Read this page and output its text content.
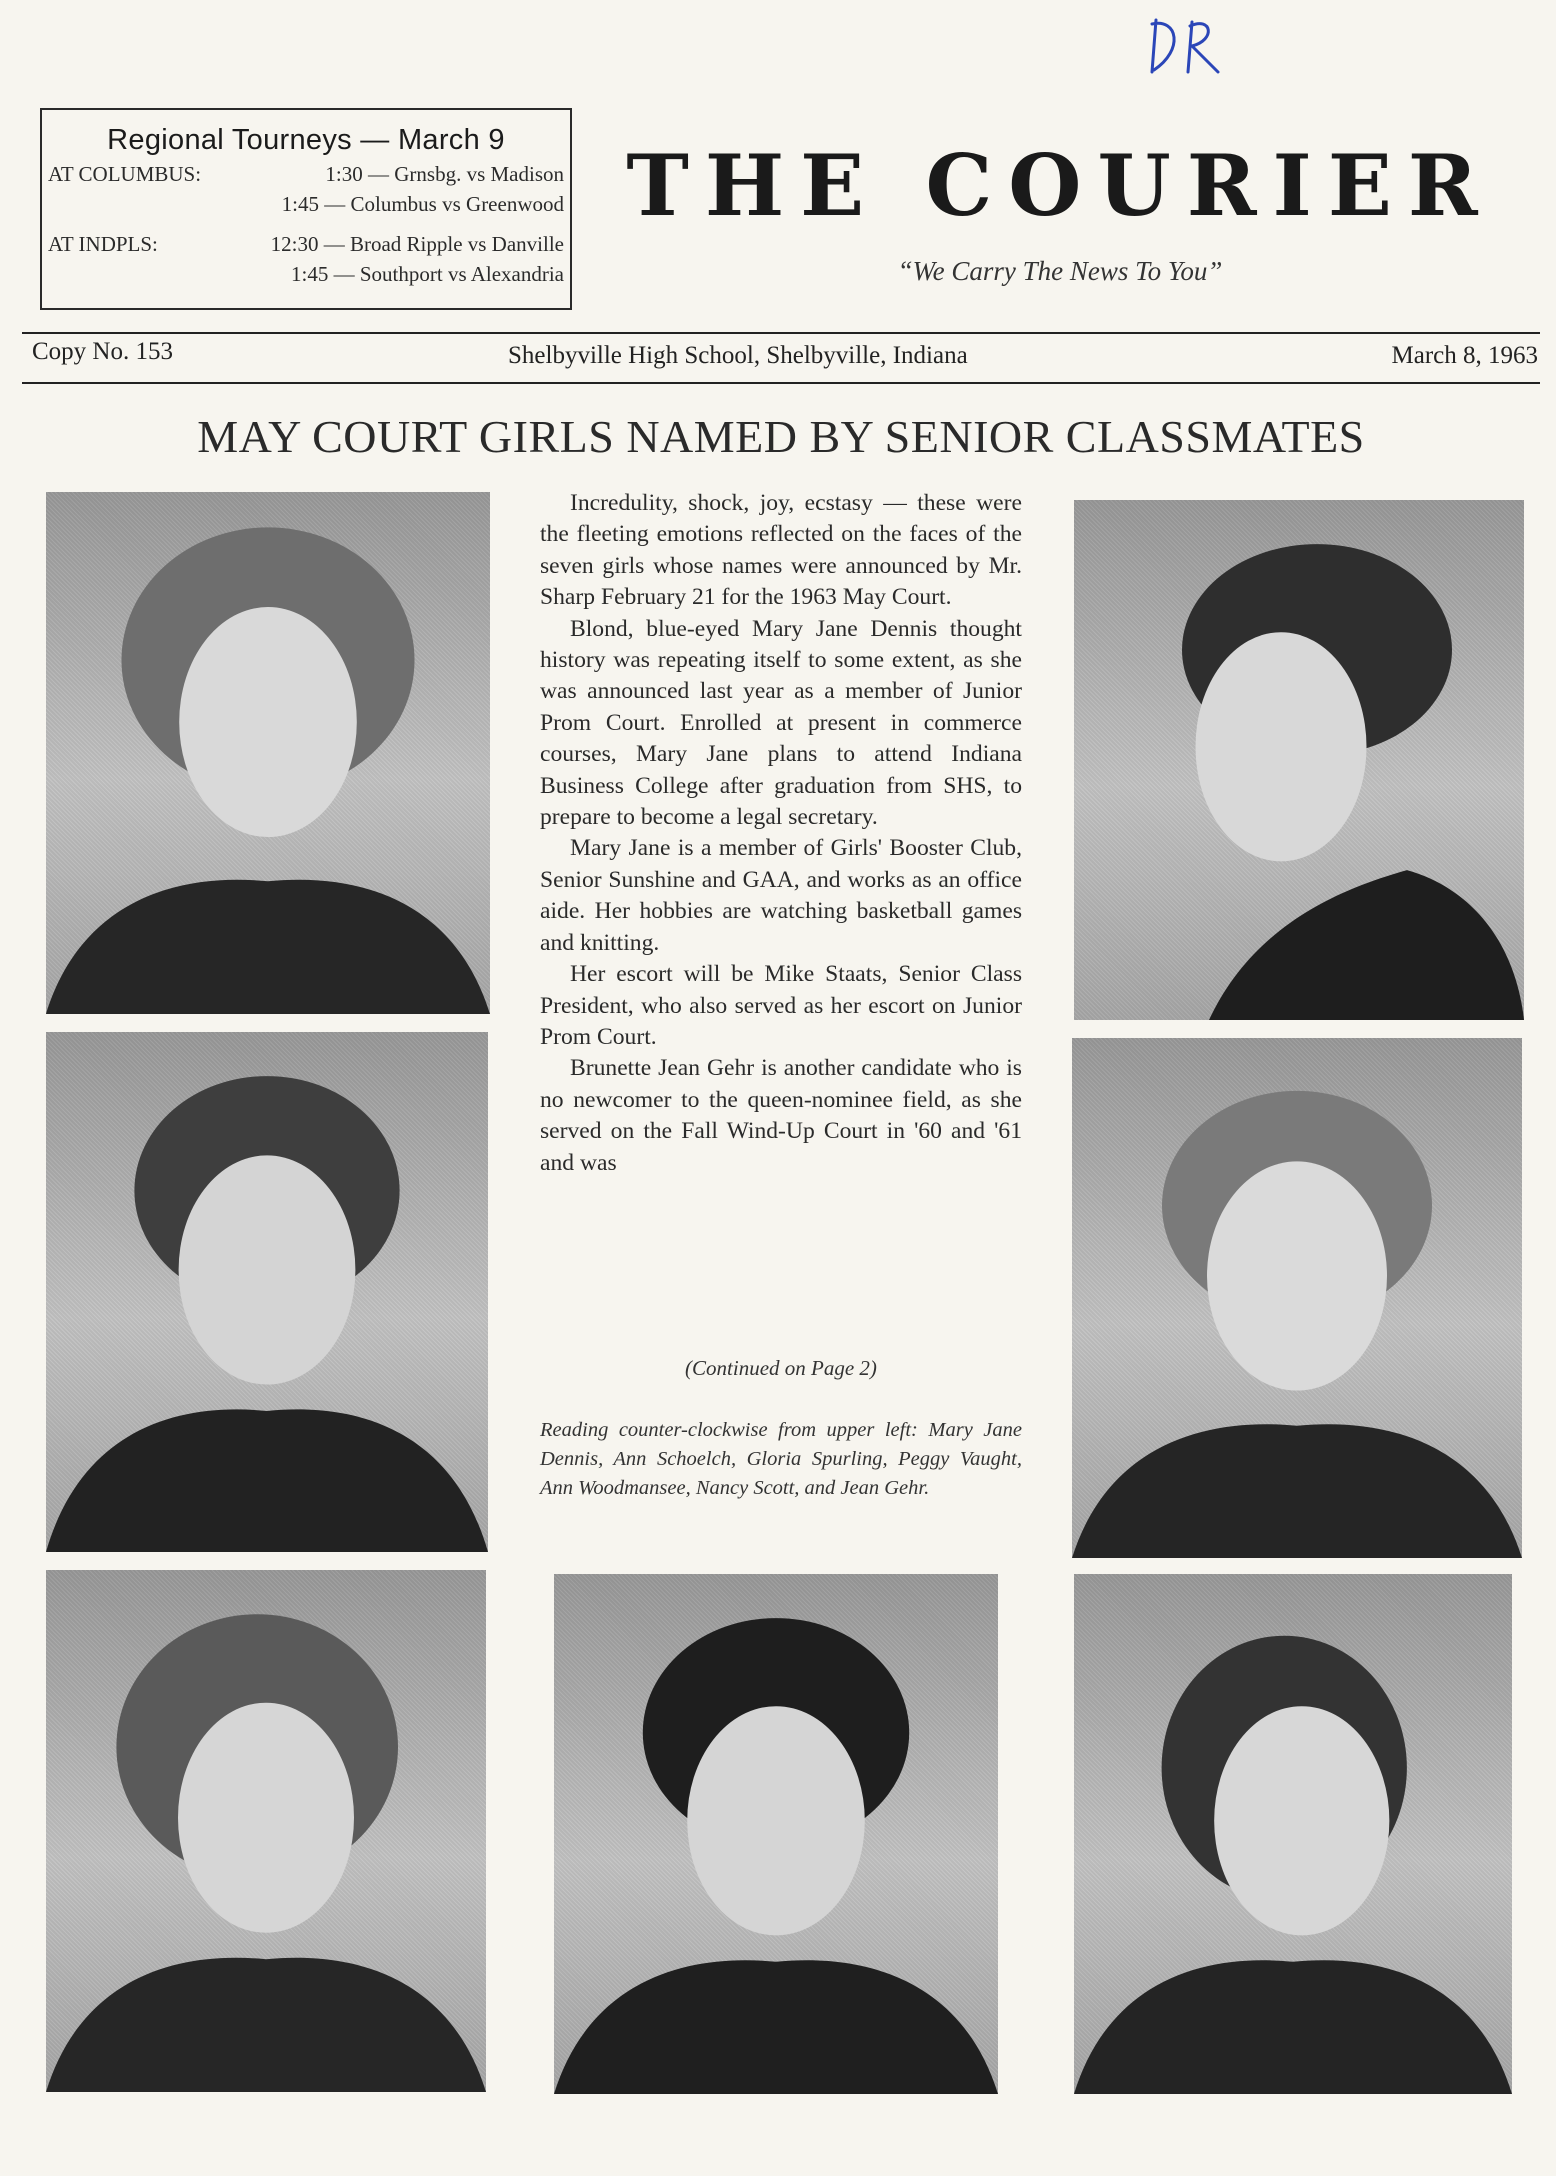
Regional Tourneys — March 9
AT COLUMBUS:	1:30 — Grnsbg. vs Madison
1:45 — Columbus vs Greenwood
AT INDPLS:	12:30 — Broad Ripple vs Danville
1:45 — Southport vs Alexandria
THE COURIER
“We Carry The News To You”
Copy No. 153	Shelbyville High School, Shelbyville, Indiana	March 8, 1963
MAY COURT GIRLS NAMED BY SENIOR CLASSMATES

Incredulity, shock, joy, ecstasy — these were the fleeting emotions reflected on the faces of the seven girls whose names were announced by Mr. Sharp February 21 for the 1963 May Court.

Blond, blue-eyed Mary Jane Dennis thought history was repeating itself to some extent, as she was announced last year as a member of Junior Prom Court. Enrolled at present in commerce courses, Mary Jane plans to attend Indiana Business College after graduation from SHS, to prepare to become a legal secretary.

Mary Jane is a member of Girls' Booster Club, Senior Sunshine and GAA, and works as an office aide. Her hobbies are watching basketball games and knitting.

Her escort will be Mike Staats, Senior Class President, who also served as her escort on Junior Prom Court.

Brunette Jean Gehr is another candidate who is no newcomer to the queen-nominee field, as she served on the Fall Wind-Up Court in '60 and '61 and was

(Continued on Page 2)
Reading counter-clockwise from upper left: Mary Jane Dennis, Ann Schoelch, Gloria Spurling, Peggy Vaught, Ann Woodmansee, Nancy Scott, and Jean Gehr.
